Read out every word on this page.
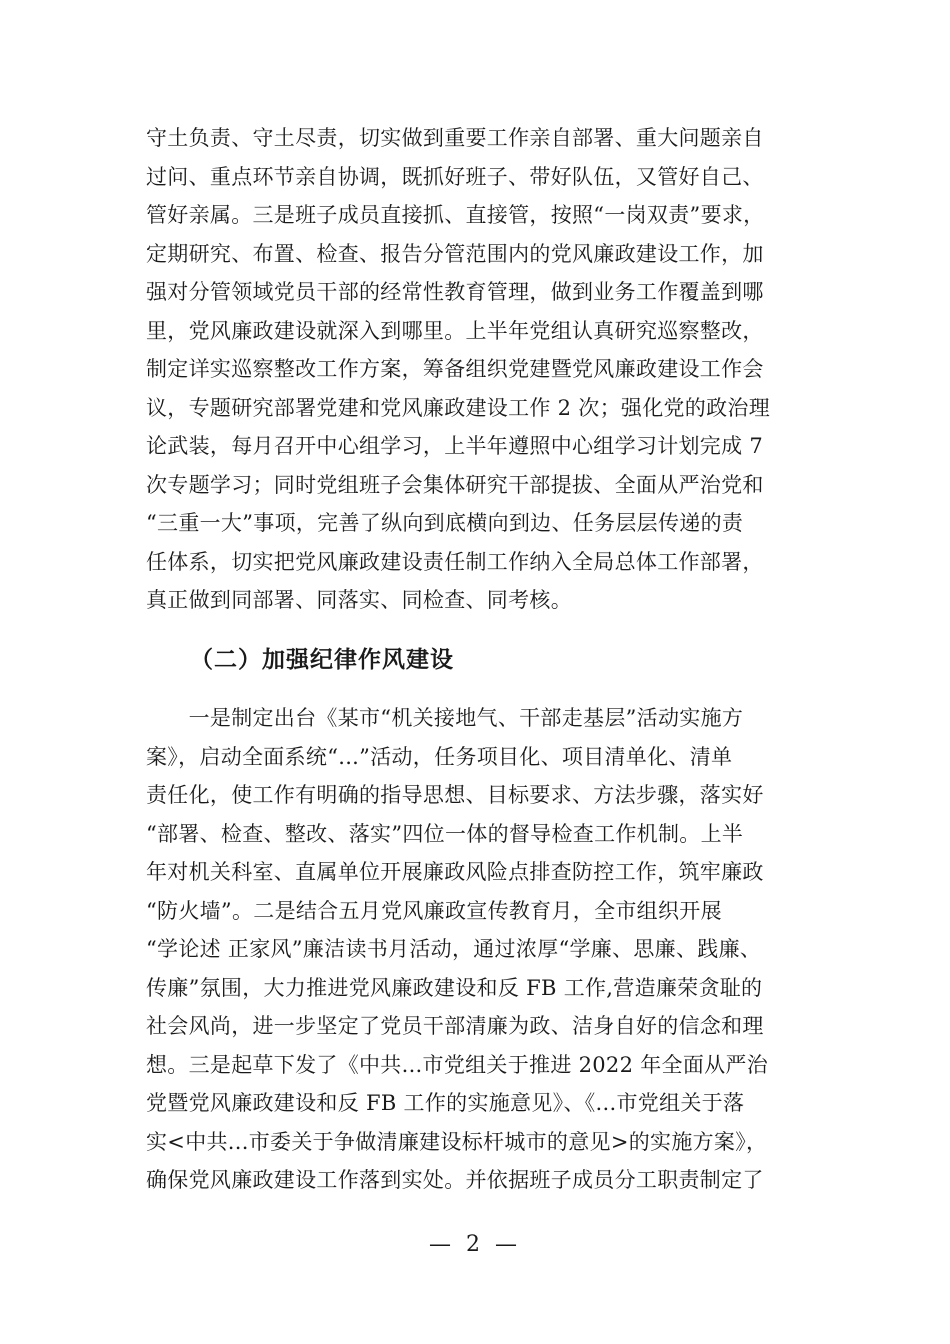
守土负责、守土尽责，切实做到重要工作亲自部署、重大问题亲自
过问、重点环节亲自协调，既抓好班子、带好队伍，又管好自己、
管好亲属。三是班子成员直接抓、直接管，按照“一岗双责”要求，
定期研究、布置、检查、报告分管范围内的党风廉政建设工作，加
强对分管领域党员干部的经常性教育管理，做到业务工作覆盖到哪
里，党风廉政建设就深入到哪里。上半年党组认真研究巡察整改，
制定详实巡察整改工作方案，筹备组织党建暨党风廉政建设工作会
议，专题研究部署党建和党风廉政建设工作 2 次；强化党的政治理
论武装，每月召开中心组学习，上半年遵照中心组学习计划完成 7
次专题学习；同时党组班子会集体研究干部提拔、全面从严治党和
“三重一大”事项，完善了纵向到底横向到边、任务层层传递的责
任体系，切实把党风廉政建设责任制工作纳入全局总体工作部署，
真正做到同部署、同落实、同检查、同考核。
（二）加强纪律作风建设
　　一是制定出台《某市“机关接地气、干部走基层”活动实施方
案》，启动全面系统“...”活动，任务项目化、项目清单化、清单
责任化，使工作有明确的指导思想、目标要求、方法步骤，落实好
“部署、检查、整改、落实”四位一体的督导检查工作机制。上半
年对机关科室、直属单位开展廉政风险点排查防控工作，筑牢廉政
“防火墙”。二是结合五月党风廉政宣传教育月，全市组织开展
“学论述 正家风”廉洁读书月活动，通过浓厚“学廉、思廉、践廉、
传廉”氛围，大力推进党风廉政建设和反 FB 工作,营造廉荣贪耻的
社会风尚，进一步坚定了党员干部清廉为政、洁身自好的信念和理
想。三是起草下发了《中共...市党组关于推进 2022 年全面从严治
党暨党风廉政建设和反 FB 工作的实施意见》、《...市党组关于落
实<中共...市委关于争做清廉建设标杆城市的意见>的实施方案》，
确保党风廉政建设工作落到实处。并依据班子成员分工职责制定了
— 2 —
